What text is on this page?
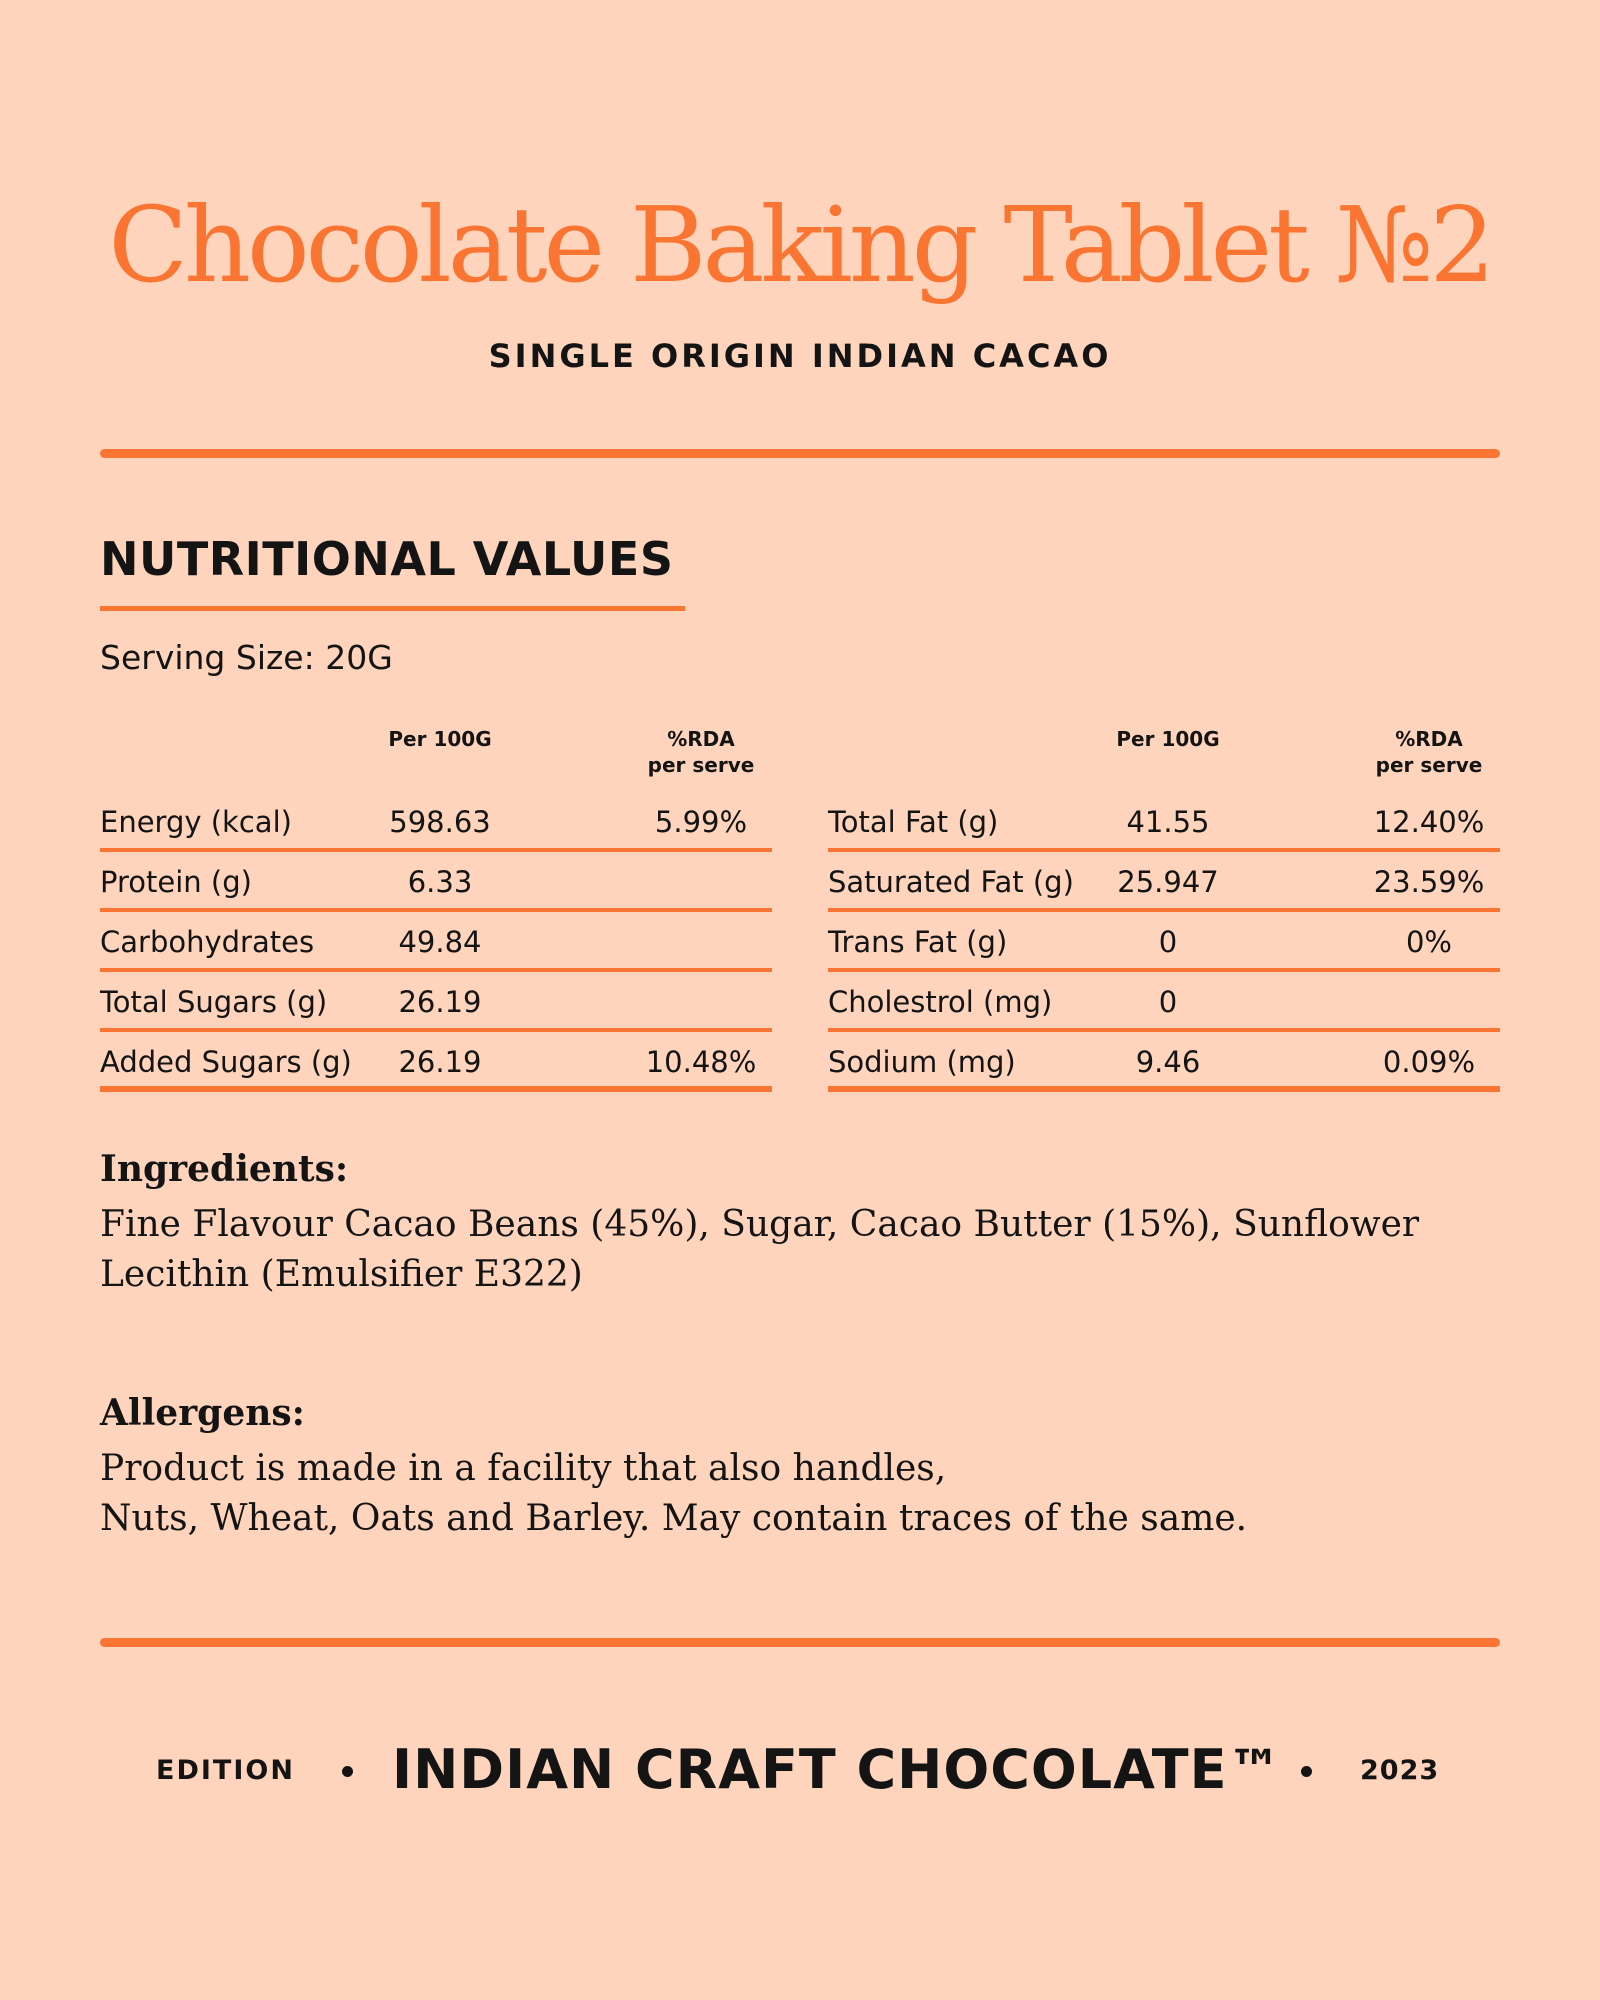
Chocolate Baking Tablet №2
SINGLE ORIGIN INDIAN CACAO
NUTRITIONAL VALUES
Serving Size: 20G
Per 100G	%RDA
per serve
Energy (kcal)	598.63	5.99%
Protein (g)	6.33
Carbohydrates	49.84
Total Sugars (g)	26.19
Added Sugars (g)	26.19	10.48%
Per 100G	%RDA
per serve
Total Fat (g)	41.55	12.40%
Saturated Fat (g)	25.947	23.59%
Trans Fat (g)	0	0%
Cholestrol (mg)	0
Sodium (mg)	9.46	0.09%
Ingredients:

Fine Flavour Cacao Beans (45%), Sugar, Cacao Butter (15%), Sunflower Lecithin (Emulsifier E322)

Allergens:

Product is made in a facility that also handles,
Nuts, Wheat, Oats and Barley. May contain traces of the same.

EDITION INDIAN CRAFT CHOCOLATE™	2023
